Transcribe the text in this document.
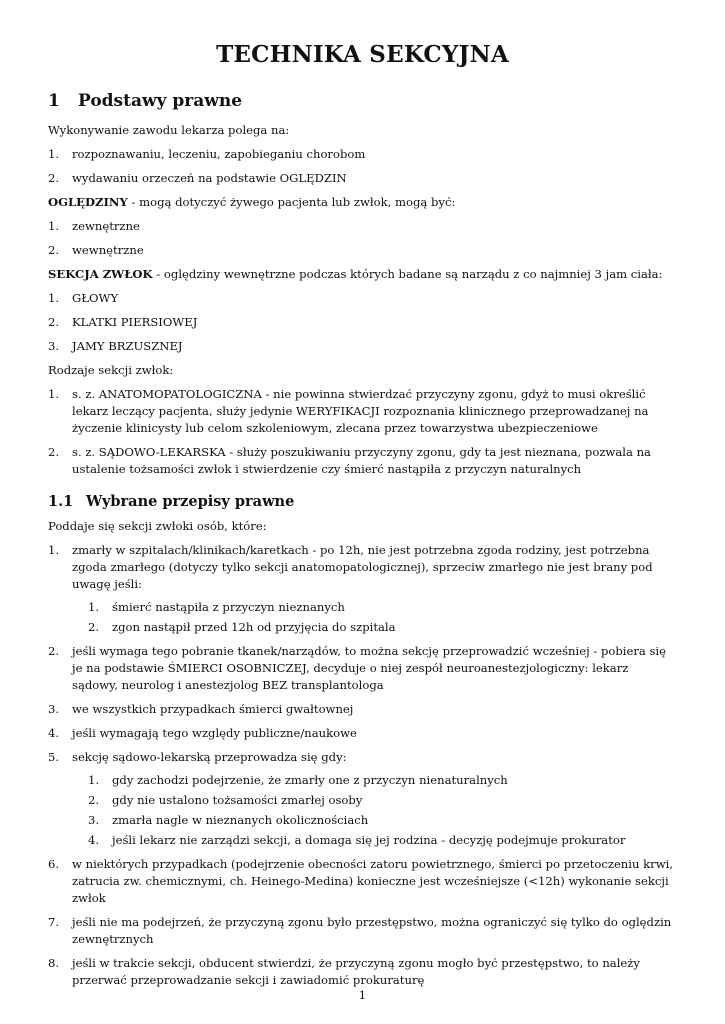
TECHNIKA SEKCYJNA
1 Podstawy prawne

Wykonywanie zawodu lekarza polega na:

1. rozpoznawaniu, leczeniu, zapobieganiu chorobom
2. wydawaniu orzeczeń na podstawie OGLĘDZIN

OGLĘDZINY - mogą dotyczyć żywego pacjenta lub zwłok, mogą być:

1. zewnętrzne
2. wewnętrzne

SEKCJA ZWŁOK - oględziny wewnętrzne podczas których badane są narządu z co najmniej 3 jam ciała:

1. GŁOWY
2. KLATKI PIERSIOWEJ
3. JAMY BRZUSZNEJ

Rodzaje sekcji zwłok:

1. s. z. ANATOMOPATOLOGICZNA - nie powinna stwierdzać przyczyny zgonu, gdyż to musi określić lekarz leczący pacjenta, służy jedynie WERYFIKACJI rozpoznania klinicznego przeprowadzanej na życzenie klinicysty lub celom szkoleniowym, zlecana przez towarzystwa ubezpieczeniowe
2. s. z. SĄDOWO-LEKARSKA - służy poszukiwaniu przyczyny zgonu, gdy ta jest nieznana, pozwala na ustalenie tożsamości zwłok i stwierdzenie czy śmierć nastąpiła z przyczyn naturalnych
1.1 Wybrane przepisy prawne

Poddaje się sekcji zwłoki osób, które:

1. zmarły w szpitalach/klinikach/karetkach - po 12h, nie jest potrzebna zgoda rodziny, jest potrzebna zgoda zmarłego (dotyczy tylko sekcji anatomopatologicznej), sprzeciw zmarłego nie jest brany pod uwagę jeśli:
1. śmierć nastąpiła z przyczyn nieznanych
2. zgon nastąpił przed 12h od przyjęcia do szpitala
2. jeśli wymaga tego pobranie tkanek/narządów, to można sekcję przeprowadzić wcześniej - pobiera się je na podstawie ŚMIERCI OSOBNICZEJ, decyduje o niej zespół neuroanestezjologiczny: lekarz sądowy, neurolog i anestezjolog BEZ transplantologa
3. we wszystkich przypadkach śmierci gwałtownej
4. jeśli wymagają tego względy publiczne/naukowe
5. sekcję sądowo-lekarską przeprowadza się gdy:
1. gdy zachodzi podejrzenie, że zmarły one z przyczyn nienaturalnych
2. gdy nie ustalono tożsamości zmarłej osoby
3. zmarła nagle w nieznanych okolicznościach
4. jeśli lekarz nie zarządzi sekcji, a domaga się jej rodzina - decyzję podejmuje prokurator
6. w niektórych przypadkach (podejrzenie obecności zatoru powietrznego, śmierci po przetoczeniu krwi, zatrucia zw. chemicznymi, ch. Heinego-Medina) konieczne jest wcześniejsze (<12h) wykonanie sekcji zwłok
7. jeśli nie ma podejrzeń, że przyczyną zgonu było przestępstwo, można ograniczyć się tylko do oględzin zewnętrznych
8. jeśli w trakcie sekcji, obducent stwierdzi, że przyczyną zgonu mogło być przestępstwo, to należy przerwać przeprowadzanie sekcji i zawiadomić prokuraturę
1
